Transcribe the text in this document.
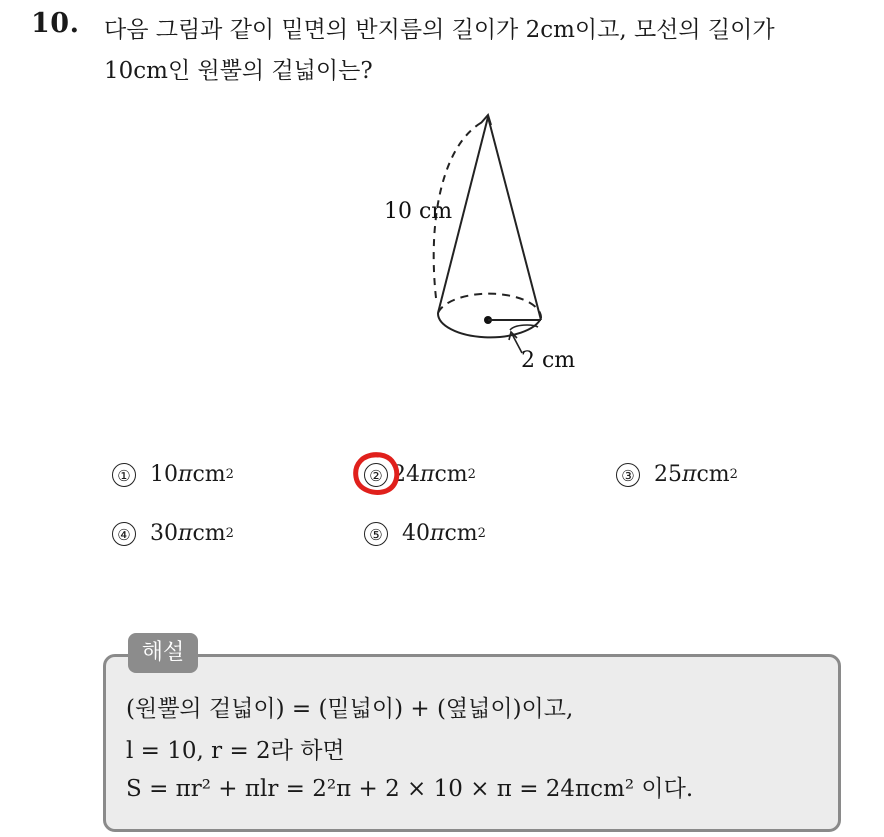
10. 다음 그림과 같이 밑면의 반지름의 길이가 2cm이고, 모선의 길이가
10cm인 원뿔의 겉넓이는?
10 cm
2 cm
① 10 π cm 2	② 24 π cm 2	③ 25 π cm 2
④ 30 π cm 2	⑤ 40 π cm 2
해설
(원뿔의 겉넓이) = (밑넓이) + (옆넓이)이고,
l = 10, r = 2라 하면
S = πr² + πlr = 2²π + 2 × 10 × π = 24πcm² 이다.
